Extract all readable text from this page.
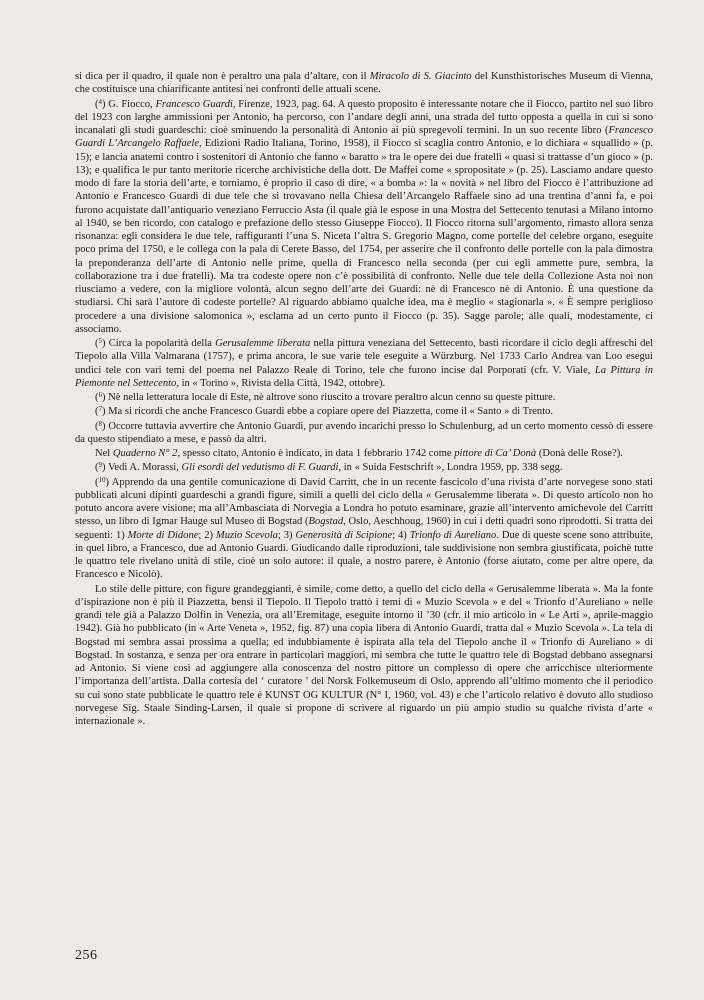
si dica per il quadro, il quale non è peraltro una pala d’altare, con il Miracolo di S. Giacinto del Kunsthistorisches Museum di Vienna, che costituisce una chiarificante antitesi nei confronti delle attuali scene.

($^4$) G. Fiocco, Francesco Guardi, Firenze, 1923, pag. 64. A questo proposito è interessante notare che il Fiocco, partito nel suo libro del 1923 con larghe ammissioni per Antonio, ha percorso, con l’andare degli anni, una strada del tutto opposta a quella in cui si sono incanalati gli studi guardeschi: cioè sminuendo la personalità di Antonio ai più spregevoli termini. In un suo recente libro (Francesco Guardi L’Arcangelo Raffaele, Edizioni Radio Italiana, Torino, 1958), il Fiocco si scaglia contro Antonio, e lo dichiara « squallido » (p. 15); e lancia anatemi contro i sostenitori di Antonio che fanno « baratto » tra le opere dei due fratelli « quasi si trattasse d’un gioco » (p. 13); e qualifica le pur tanto meritorie ricerche archivistiche della dott. De Maffei come « spropositate » (p. 25). Lasciamo andare questo modo di fare la storia dell’arte, e torniamo, è proprio il caso di dire, « a bomba »: la « novità » nel libro del Fiocco è l’attribuzione ad Antonio e Francesco Guardi di due tele che si trovavano nella Chiesa dell’Arcangelo Raffaele sino ad una trentina d’anni fa, e poi furono acquistate dall’antiquario veneziano Ferruccio Asta (il quale già le espose in una Mostra del Settecento tenutasi a Milano intorno al 1940, se ben ricordo, con catalogo e prefazione dello stesso Giuseppe Fiocco). Il Fiocco ritorna sull’argomento, rimasto allora senza risonanza: egli considera le due tele, raffiguranti l’una S. Niceta l’altra S. Gregorio Magno, come portelle del celebre organo, eseguite poco prima del 1750, e le collega con la pala di Cerete Basso, del 1754, per asserire che il confronto delle portelle con la pala dimostra la preponderanza dell’arte di Antonio nelle prime, quella di Francesco nella seconda (per cui egli ammette pure, sembra, la collaborazione tra i due fratelli). Ma tra codeste opere non c’è possibilità di confronto. Nelle due tele della Collezione Asta noi non riusciamo a vedere, con la migliore volontà, alcun segno dell’arte dei Guardi: nè di Francesco nè di Antonio. È una questione da studiarsi. Chi sarà l’autore di codeste portelle? Al riguardo abbiamo qualche idea, ma è meglio « stagionarla ». « È sempre periglioso procedere a una divisione salomonica », esclama ad un certo punto il Fiocco (p. 35). Sagge parole; alle quali, modestamente, ci associamo.

($^5$) Circa la popolarità della Gerusalemme liberata nella pittura veneziana del Settecento, basti ricordare il ciclo degli affreschi del Tiepolo alla Villa Valmarana (1757), e prima ancora, le sue varie tele eseguite a Würzburg. Nel 1733 Carlo Andrea van Loo eseguì undici tele con vari temi del poema nel Palazzo Reale di Torino, tele che furono incise dal Porporati (cfr. V. Viale, La Pittura in Piemonte nel Settecento, in « Torino », Rivista della Città, 1942, ottobre).

($^6$) Nè nella letteratura locale di Este, nè altrove sono riuscito a trovare peraltro alcun cenno su queste pitture.

($^7$) Ma si ricordi che anche Francesco Guardi ebbe a copiare opere del Piazzetta, come il « Santo » di Trento.

($^8$) Occorre tuttavia avvertire che Antonio Guardi, pur avendo incarichi presso lo Schulenburg, ad un certo momento cessò di essere da questo stipendiato a mese, e passò da altri.

Nel Quaderno N° 2, spesso citato, Antonio è indicato, in data 1 febbrario 1742 come pittore di Ca’ Donà (Donà delle Rose?).

($^9$) Vedi A. Morassi, Gli esordi del vedutismo di F. Guardi, in « Suida Festschrift », Londra 1959, pp. 338 segg.

($^{10}$) Apprendo da una gentile comunicazione di David Carritt, che in un recente fascicolo d’una rivista d’arte norvegese sono stati pubblicati alcuni dipinti guardeschi a grandi figure, simili a quelli del ciclo della « Gerusalemme liberata ». Di questo articolo non ho potuto ancora avere visione; ma all’Ambasciata di Norvegia a Londra ho potuto esaminare, grazie all’intervento amichevole del Carritt stesso, un libro di Igmar Hauge sul Museo di Bogstad (Bogstad, Oslo, Aeschhoug, 1960) in cui i detti quadri sono riprodotti. Si tratta dei seguenti: 1) Morte di Didone; 2) Muzio Scevola; 3) Generosità di Scipione; 4) Trionfo di Aureliano. Due di queste scene sono attribuite, in quel libro, a Francesco, due ad Antonio Guardi. Giudicando dalle riproduzioni, tale suddivisione non sembra giustificata, poichè tutte le quattro tele rivelano unità di stile, cioè un solo autore: il quale, a nostro parere, è Antonio (forse aiutato, come per altre opere, da Francesco e Nicolò).

Lo stile delle pitture, con figure grandeggianti, è simile, come detto, a quello del ciclo della « Gerusalemme liberata ». Ma la fonte d’ispirazione non è più il Piazzetta, bensì il Tiepolo. Il Tiepolo trattò i temi di « Muzio Scevola » e del « Trionfo d’Aureliano » nelle grandi tele già a Palazzo Dolfin in Venezia, ora all’Eremitage, eseguite intorno il ’30 (cfr. il mio articolo in « Le Arti », aprile-maggio 1942). Già ho pubblicato (in « Arte Veneta », 1952, fig. 87) una copia libera di Antonio Guardi, tratta dal « Muzio Scevola ». La tela di Bogstad mi sembra assai prossima a quella; ed indubbiamente è ispirata alla tela del Tiepolo anche il « Trionfo di Aureliano » di Bogstad. In sostanza, e senza per ora entrare in particolari maggiori, mi sembra che tutte le quattro tele di Bogstad debbano assegnarsi ad Antonio. Si viene così ad aggiungere alla conoscenza del nostro pittore un complesso di opere che arricchisce ulteriormente l’importanza dell’artista. Dalla cortesia del ‘ curatore ’ del Norsk Folkemuseum di Oslo, apprendo all’ultimo momento che il periodico su cui sono state pubblicate le quattro tele è KUNST OG KULTUR (N° I, 1960, vol. 43) e che l’articolo relativo è dovuto allo studioso norvegese Sig. Staale Sinding-Larsen, il quale si propone di scrivere al riguardo un più ampio studio su qualche rivista d’arte « internazionale ».

256
